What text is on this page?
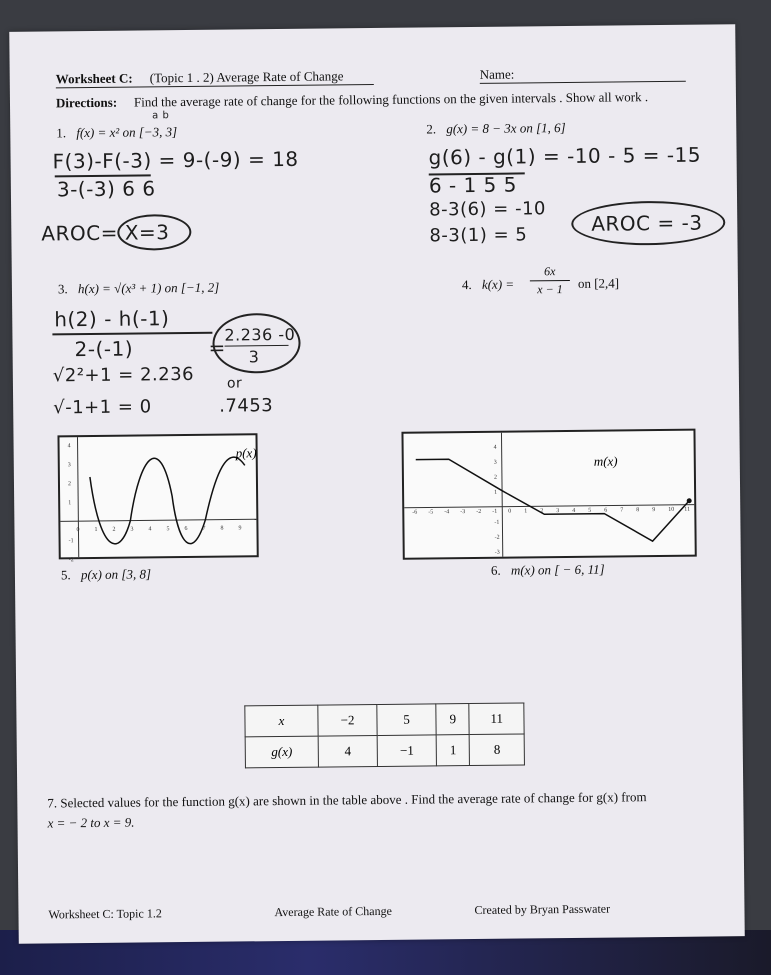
Worksheet C: (Topic 1 . 2) Average Rate of Change	Name:
Directions: Find the average rate of change for the following functions on the given intervals . Show all work .
1. f(x) = x² on [−3, 3]
a b
2. g(x) = 8 − 3x on [1, 6]
F(3)-F(-3) = 9-(-9) = 18
3-(-3) 6 6
AROC= X=3
g(6) - g(1) = -10 - 5 = -15
6 - 1 5 5
8-3(6) = -10
8-3(1) = 5	AROC = -3
3. h(x) = √(x³ + 1) on [−1, 2]	4. k(x) =
6x
x − 1	on [2,4]
h(2) - h(-1)
2-(-1)	=
2.236 -0
3
√2²+1 = 2.236 or
√-1+1 = 0	.7453
0 1 2 3 4 5 6 7 8 9
4
3
2
1
-1
-2
p(x)
-6 -5 -4 -3 -2 -1 0 1 2 3 4 5 6 7 8 9 10 11
4
3
2
1
-1
-2
-3
m(x)
5. p(x) on [3, 8]	6. m(x) on [ − 6, 11]
x	−2	5	9	11
g(x)	4	−1	1	8
7. Selected values for the function g(x) are shown in the table above . Find the average rate of change for g(x) from
x = − 2 to x = 9.
Worksheet C: Topic 1.2	Average Rate of Change	Created by Bryan Passwater
